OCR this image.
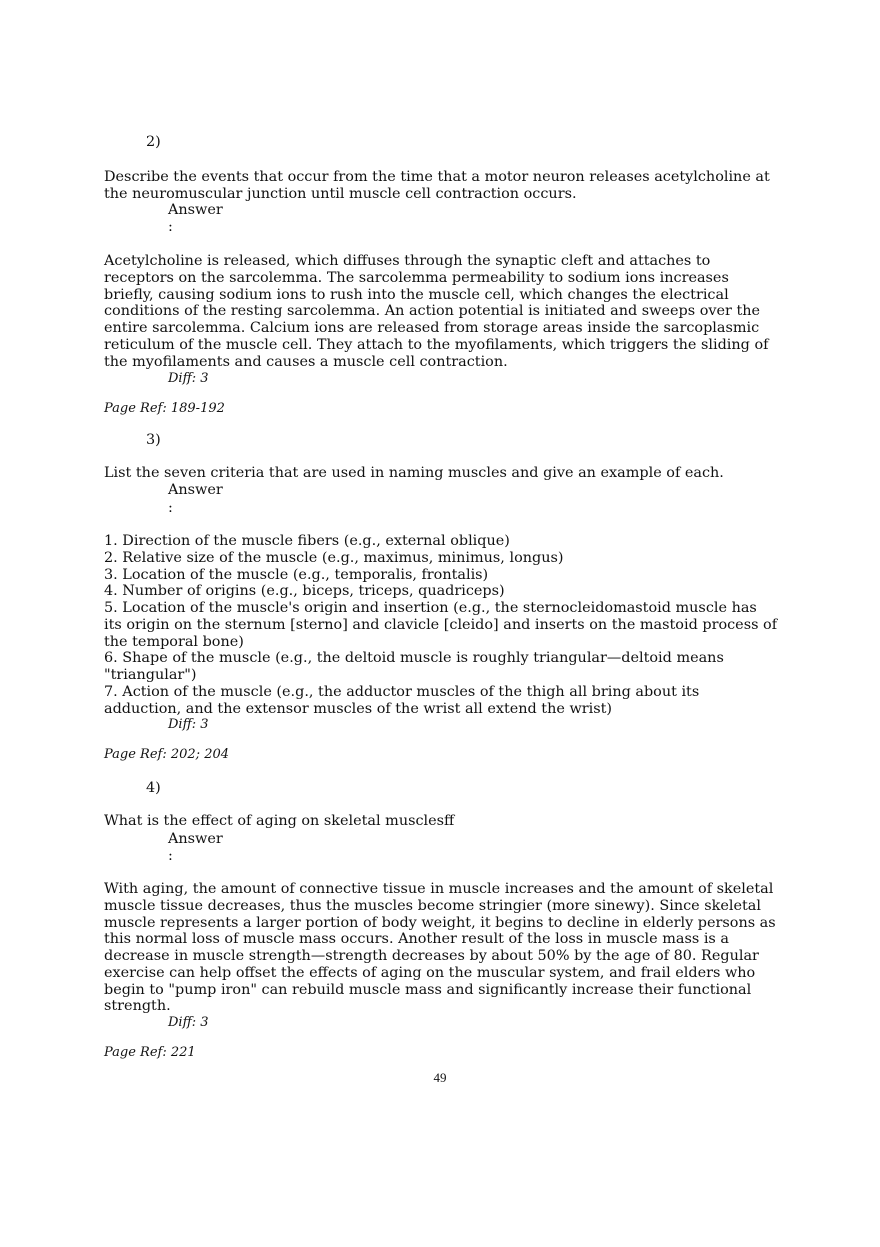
2)
Describe the events that occur from the time that a motor neuron releases acetylcholine at
the neuromuscular junction until muscle cell contraction occurs.
Answer
:
Acetylcholine is released, which diffuses through the synaptic cleft and attaches to
receptors on the sarcolemma. The sarcolemma permeability to sodium ions increases
briefly, causing sodium ions to rush into the muscle cell, which changes the electrical
conditions of the resting sarcolemma. An action potential is initiated and sweeps over the
entire sarcolemma. Calcium ions are released from storage areas inside the sarcoplasmic
reticulum of the muscle cell. They attach to the myofilaments, which triggers the sliding of
the myofilaments and causes a muscle cell contraction.
Diff: 3
Page Ref: 189-192
3)
List the seven criteria that are used in naming muscles and give an example of each.
Answer
:
1. Direction of the muscle fibers (e.g., external oblique)
2. Relative size of the muscle (e.g., maximus, minimus, longus)
3. Location of the muscle (e.g., temporalis, frontalis)
4. Number of origins (e.g., biceps, triceps, quadriceps)
5. Location of the muscle's origin and insertion (e.g., the sternocleidomastoid muscle has
its origin on the sternum [sterno] and clavicle [cleido] and inserts on the mastoid process of
the temporal bone)
6. Shape of the muscle (e.g., the deltoid muscle is roughly triangular—deltoid means
"triangular")
7. Action of the muscle (e.g., the adductor muscles of the thigh all bring about its
adduction, and the extensor muscles of the wrist all extend the wrist)
Diff: 3
Page Ref: 202; 204
4)
What is the effect of aging on skeletal musclesff
Answer
:
With aging, the amount of connective tissue in muscle increases and the amount of skeletal
muscle tissue decreases, thus the muscles become stringier (more sinewy). Since skeletal
muscle represents a larger portion of body weight, it begins to decline in elderly persons as
this normal loss of muscle mass occurs. Another result of the loss in muscle mass is a
decrease in muscle strength—strength decreases by about 50% by the age of 80. Regular
exercise can help offset the effects of aging on the muscular system, and frail elders who
begin to "pump iron" can rebuild muscle mass and significantly increase their functional
strength.
Diff: 3
Page Ref: 221
49
